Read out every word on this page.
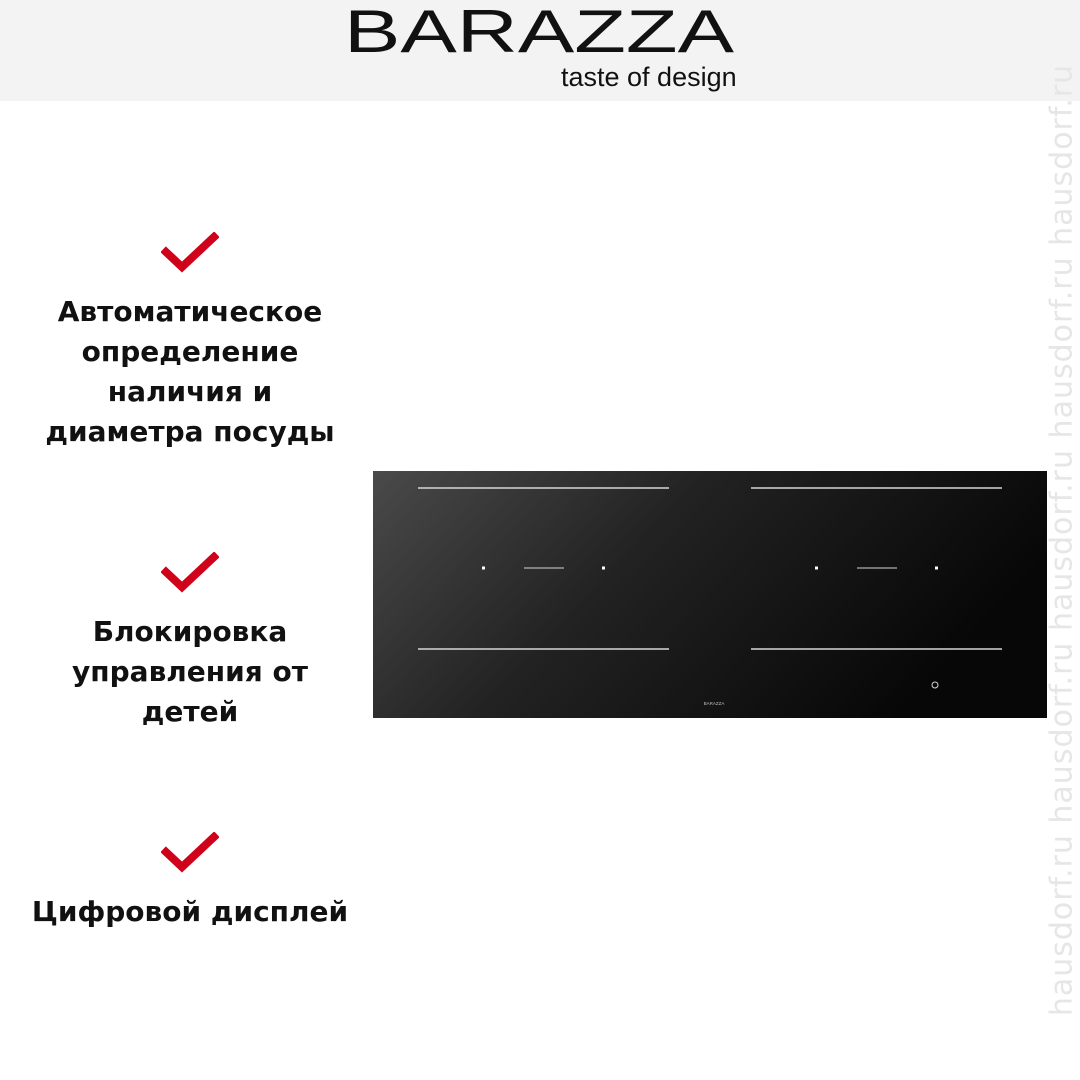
BARAZZA
taste of design
Автоматическое
определение
наличия и
диаметра посуды
Блокировка
управления от
детей
Цифровой дисплей
BARAZZA	hausdorf.ru hausdorf.ru hausdorf.ru hausdorf.ru hausdorf.ru
